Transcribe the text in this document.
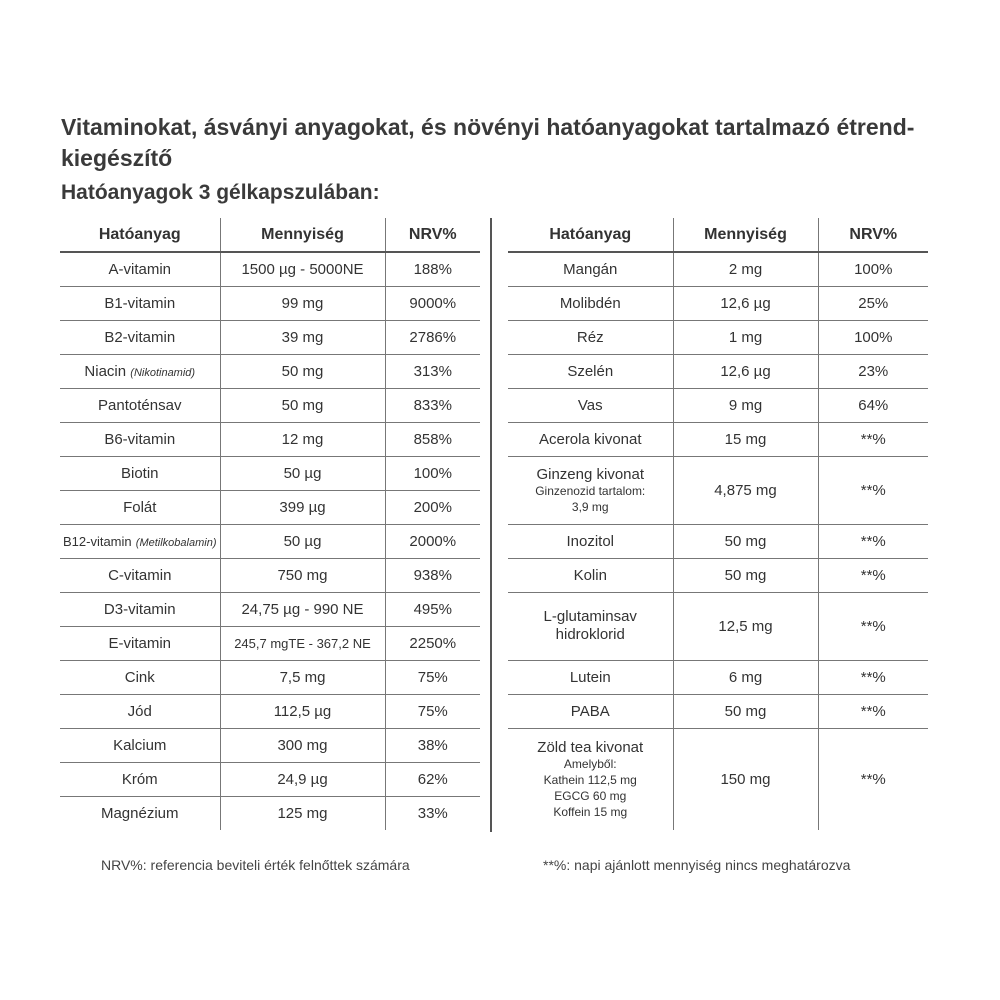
Vitaminokat, ásványi anyagokat, és növényi hatóanyagokat tartalmazó étrend-kiegészítő
Hatóanyagok 3 gélkapszulában:
Hatóanyag	Mennyiség	NRV%
A-vitamin	1500 µg - 5000NE	188%
B1-vitamin	99 mg	9000%
B2-vitamin	39 mg	2786%
Niacin (Nikotinamid)	50 mg	313%
Pantoténsav	50 mg	833%
B6-vitamin	12 mg	858%
Biotin	50 µg	100%
Folát	399 µg	200%
B12-vitamin (Metilkobalamin)	50 µg	2000%
C-vitamin	750 mg	938%
D3-vitamin	24,75 µg - 990 NE	495%
E-vitamin	245,7 mgTE - 367,2 NE	2250%
Cink	7,5 mg	75%
Jód	112,5 µg	75%
Kalcium	300 mg	38%
Króm	24,9 µg	62%
Magnézium	125 mg	33%
Hatóanyag	Mennyiség	NRV%
Mangán	2 mg	100%
Molibdén	12,6 µg	25%
Réz	1 mg	100%
Szelén	12,6 µg	23%
Vas	9 mg	64%
Acerola kivonat	15 mg	**%
Ginzeng kivonat
Ginzenozid tartalom:
3,9 mg	4,875 mg	**%
Inozitol	50 mg	**%
Kolin	50 mg	**%
L-glutaminsav hidroklorid	12,5 mg	**%
Lutein	6 mg	**%
PABA	50 mg	**%
Zöld tea kivonat
Amelyből:
Kathein 112,5 mg
EGCG 60 mg
Koffein 15 mg	150 mg	**%

NRV%: referencia beviteli érték felnőttek számára	**%: napi ajánlott mennyiség nincs meghatározva
